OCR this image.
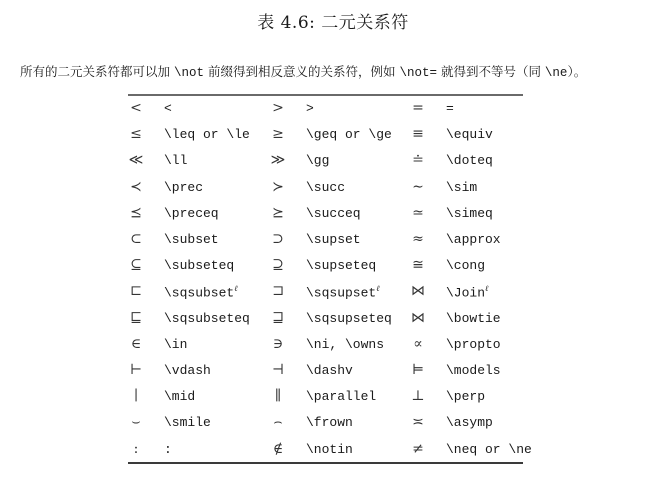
表 4.6: 二元关系符
所有的二元关系符都可以加 \not 前缀得到相反意义的关系符，例如 \not= 就得到不等号（同 \ne）。
<	<	>	>	=	=
≤	\leq or \le	≥	\geq or \ge	≡	\equiv
≪	\ll	≫	\gg	≐	\doteq
≺	\prec	≻	\succ	∼	\sim
⪯	\preceq	⪰	\succeq	≃	\simeq
⊂	\subset	⊃	\supset	≈	\approx
⊆	\subseteq	⊇	\supseteq	≅	\cong
⊏	\sqsubset$^\ell$	⊐	\sqsupset$^\ell$	⋈	\Join$^\ell$
⊑	\sqsubseteq	⊒	\sqsupseteq	⋈	\bowtie
∈	\in	∋	\ni, \owns	∝	\propto
⊢	\vdash	⊣	\dashv	⊨	\models
∣	\mid	∥	\parallel	⊥	\perp
⌣	\smile	⌢	\frown	≍	\asymp
:	:	∉	\notin	≠	\neq or \ne
